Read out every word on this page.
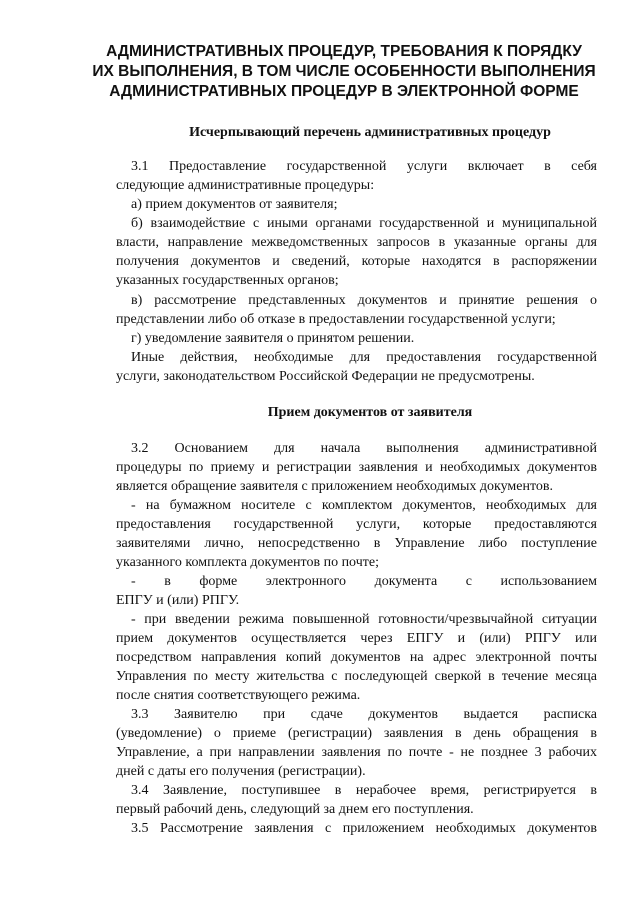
АДМИНИСТРАТИВНЫХ ПРОЦЕДУР, ТРЕБОВАНИЯ К ПОРЯДКУ
ИХ ВЫПОЛНЕНИЯ, В ТОМ ЧИСЛЕ ОСОБЕННОСТИ ВЫПОЛНЕНИЯ
АДМИНИСТРАТИВНЫХ ПРОЦЕДУР В ЭЛЕКТРОННОЙ ФОРМЕ
Исчерпывающий перечень административных процедур
3.1 Предоставление государственной услуги включает в себя
следующие административные процедуры:
а) прием документов от заявителя;
б) взаимодействие с иными органами государственной и муниципальной
власти, направление межведомственных запросов в указанные органы для
получения документов и сведений, которые находятся в распоряжении
указанных государственных органов;
в) рассмотрение представленных документов и принятие решения о
представлении либо об отказе в предоставлении государственной услуги;
г) уведомление заявителя о принятом решении.
Иные действия, необходимые для предоставления государственной
услуги, законодательством Российской Федерации не предусмотрены.
Прием документов от заявителя
3.2 Основанием для начала выполнения административной
процедуры по приему и регистрации заявления и необходимых документов
является обращение заявителя с приложением необходимых документов.
- на бумажном носителе с комплектом документов, необходимых для
предоставления государственной услуги, которые предоставляются
заявителями лично, непосредственно в Управление либо поступление
указанного комплекта документов по почте;
- в форме электронного документа с использованием
ЕПГУ и (или) РПГУ.
- при введении режима повышенной готовности/чрезвычайной ситуации
прием документов осуществляется через ЕПГУ и (или) РПГУ или
посредством направления копий документов на адрес электронной почты
Управления по месту жительства с последующей сверкой в течение месяца
после снятия соответствующего режима.
3.3 Заявителю при сдаче документов выдается расписка
(уведомление) о приеме (регистрации) заявления в день обращения в
Управление, а при направлении заявления по почте - не позднее 3 рабочих
дней с даты его получения (регистрации).
3.4 Заявление, поступившее в нерабочее время, регистрируется в
первый рабочий день, следующий за днем его поступления.
3.5 Рассмотрение заявления с приложением необходимых документов
